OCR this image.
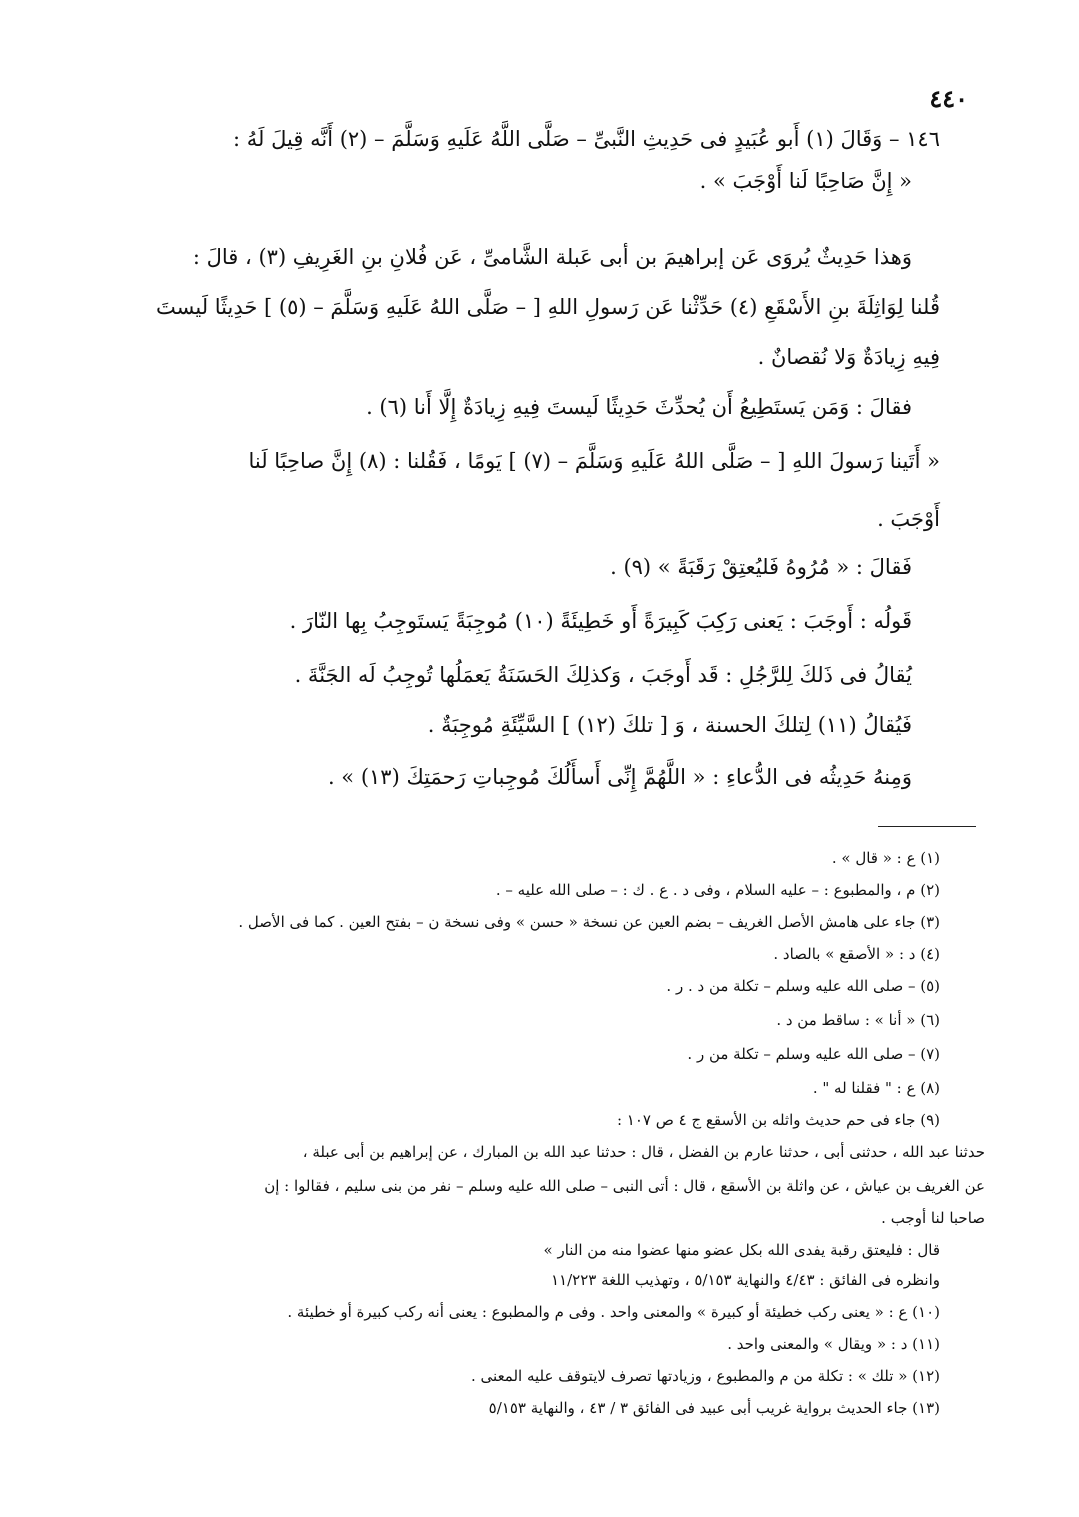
٤٤٠
١٤٦ – وَقَالَ (١) أَبو عُبَيدٍ فى حَدِيثِ النَّبىِّ – صَلَّى اللَّهُ عَلَيهِ وَسَلَّمَ – (٢) أَنَّه قِيلَ لَهُ :
« إِنَّ صَاحِبًا لَنا أَوْجَبَ » .
وَهذا حَدِيثٌ يُروَى عَن إبراهيمَ بن أبى عَبلة الشَّامىِّ ، عَن فُلانِ بنِ الغَرِيفِ (٣) ، قالَ :
قُلنا لِوَاثِلَةَ بنِ الأَسْقَعِ (٤) حَدِّثْنا عَن رَسولِ اللهِ [ – صَلَّى اللهُ عَلَيهِ وَسَلَّمَ – (٥) ] حَدِيثًا لَيستَ
فِيهِ زِيادَةٌ وَلا نُقصانٌ .
فقالَ : وَمَن يَستَطِيعُ أَن يُحدِّثَ حَدِيثًا لَيستَ فِيهِ زِيادَةٌ إِلَّا أَنا (٦) .
« أَتَينا رَسولَ اللهِ [ – صَلَّى اللهُ عَلَيهِ وَسَلَّمَ – (٧) ] يَومًا ، فَقُلنا : (٨) إِنَّ صاحِبًا لَنا
أَوْجَبَ .
فَقالَ : « مُرُوهُ فَليُعتِقْ رَقَبَةً » (٩) .
قَولُه : أَوجَبَ : يَعنى رَكِبَ كَبِيرَةً أَو خَطِيئَةً (١٠) مُوجِبَةً يَستَوجِبُ بِها النّارَ .
يُقالُ فى ذَلكَ لِلرَّجُلِ : قَد أَوجَبَ ، وَكذلِكَ الحَسَنَةُ يَعمَلُها تُوجِبُ لَه الجَنَّةَ .
فَيُقالُ (١١) لِتلكَ الحسنة ، وَ [ تلكَ (١٢) ] السَّيِّئَةِ مُوجِبَةٌ .
وَمِنهُ حَدِيثُه فى الدُّعاءِ : « اللَّهُمَّ إِنِّى أَسأَلُكَ مُوجِباتِ رَحمَتِكَ (١٣) » .
(١) ع : « قال » .
(٢) م ، والمطبوع : – عليه السلام ، وفى د . ع . ك : – صلى الله عليه – .
(٣) جاء على هامش الأصل الغريف – بضم العين عن نسخة « حسن » وفى نسخة ن – بفتح العين . كما فى الأصل .
(٤) د : « الأصقع » بالصاد .
(٥) – صلى الله عليه وسلم – تكلة من د . ر .
(٦) « أنا » : ساقط من د .
(٧) – صلى الله عليه وسلم – تكلة من ر .
(٨) ع : " فقلنا له " .
(٩) جاء فى حم حديث واثله بن الأسقع ج ٤ ص ١٠٧ :
حدثنا عبد الله ، حدثنى أبى ، حدثنا عارم بن الفضل ، قال : حدثنا عبد الله بن المبارك ، عن إبراهيم بن أبى عبلة ،
عن الغريف بن عياش ، عن واثلة بن الأسقع ، قال : أتى النبى – صلى الله عليه وسلم – نفر من بنى سليم ، فقالوا : إن
صاحبا لنا أوجب .
قال : فليعتق رقبة يفدى الله بكل عضو منها عضوا منه من النار »
وانظره فى الفائق : ٤/٤٣ والنهاية ٥/١٥٣ ، وتهذيب اللغة ١١/٢٢٣
(١٠) ع : « يعنى ركب خطيئة أو كبيرة » والمعنى واحد . وفى م والمطبوع : يعنى أنه ركب كبيرة أو خطيئة .
(١١) د : « ويقال » والمعنى واحد .
(١٢) « تلك » : تكلة من م والمطبوع ، وزيادتها تصرف لايتوقف عليه المعنى .
(١٣) جاء الحديث برواية غريب أبى عبيد فى الفائق ٣ / ٤٣ ، والنهاية ٥/١٥٣
